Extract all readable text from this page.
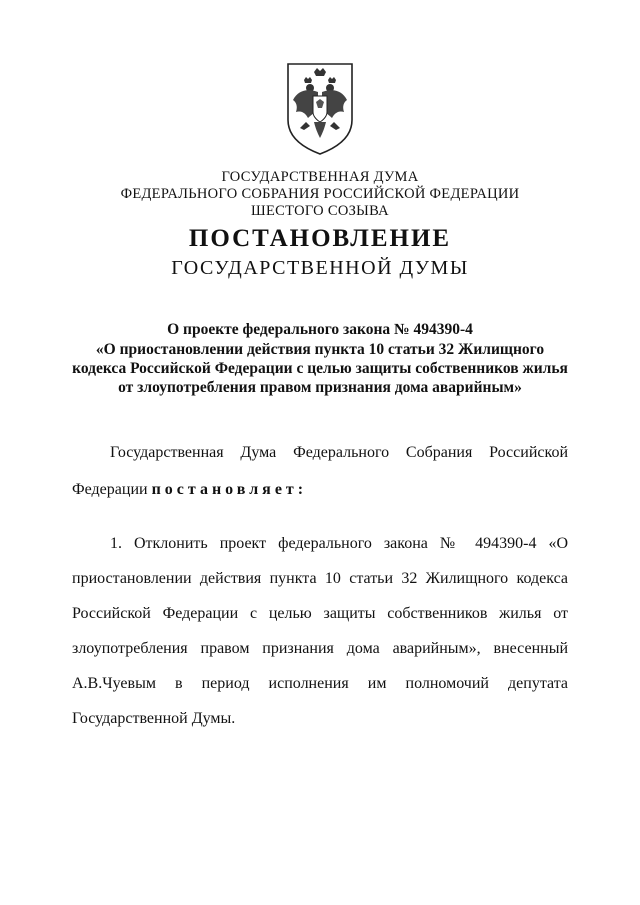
ГОСУДАРСТВЕННАЯ ДУМА
ФЕДЕРАЛЬНОГО СОБРАНИЯ РОССИЙСКОЙ ФЕДЕРАЦИИ
ШЕСТОГО СОЗЫВА
ПОСТАНОВЛЕНИЕ
ГОСУДАРСТВЕННОЙ ДУМЫ
О проекте федерального закона № 494390-4
«О приостановлении действия пункта 10 статьи 32 Жилищного
кодекса Российской Федерации с целью защиты собственников жилья
от злоупотребления правом признания дома аварийным»
Государственная Дума Федерального Собрания Российской
Федерации постановляет:
1. Отклонить проект федерального закона № 494390-4 «О
приостановлении действия пункта 10 статьи 32 Жилищного кодекса
Российской Федерации с целью защиты собственников жилья от
злоупотребления правом признания дома аварийным», внесенный
А.В.Чуевым в период исполнения им полномочий депутата
Государственной Думы.
